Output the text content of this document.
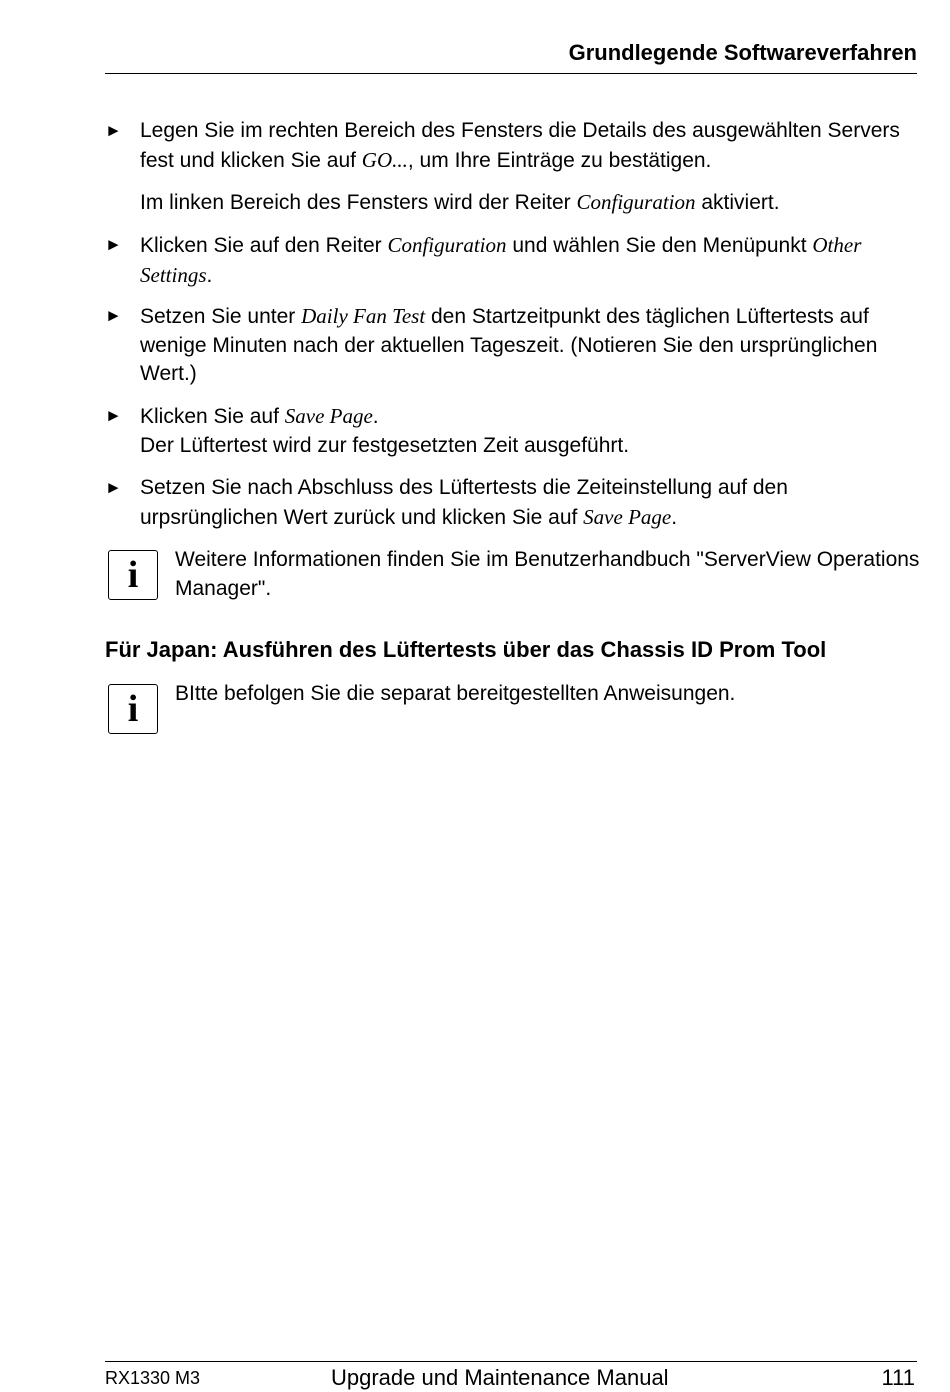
Grundlegende Softwareverfahren
► Legen Sie im rechten Bereich des Fensters die Details des ausgewählten Servers fest und klicken Sie auf GO..., um Ihre Einträge zu bestätigen.
Im linken Bereich des Fensters wird der Reiter Configuration aktiviert.
► Klicken Sie auf den Reiter Configuration und wählen Sie den Menüpunkt Other Settings.
► Setzen Sie unter Daily Fan Test den Startzeitpunkt des täglichen Lüftertests auf wenige Minuten nach der aktuellen Tageszeit. (Notieren Sie den ursprünglichen Wert.)
► Klicken Sie auf Save Page.
Der Lüftertest wird zur festgesetzten Zeit ausgeführt.
► Setzen Sie nach Abschluss des Lüftertests die Zeiteinstellung auf den urpsrünglichen Wert zurück und klicken Sie auf Save Page.
i	Weitere Informationen finden Sie im Benutzerhandbuch "ServerView Operations Manager".
Für Japan: Ausführen des Lüftertests über das Chassis ID Prom Tool
i	BItte befolgen Sie die separat bereitgestellten Anweisungen.
RX1330 M3	Upgrade und Maintenance Manual	111
